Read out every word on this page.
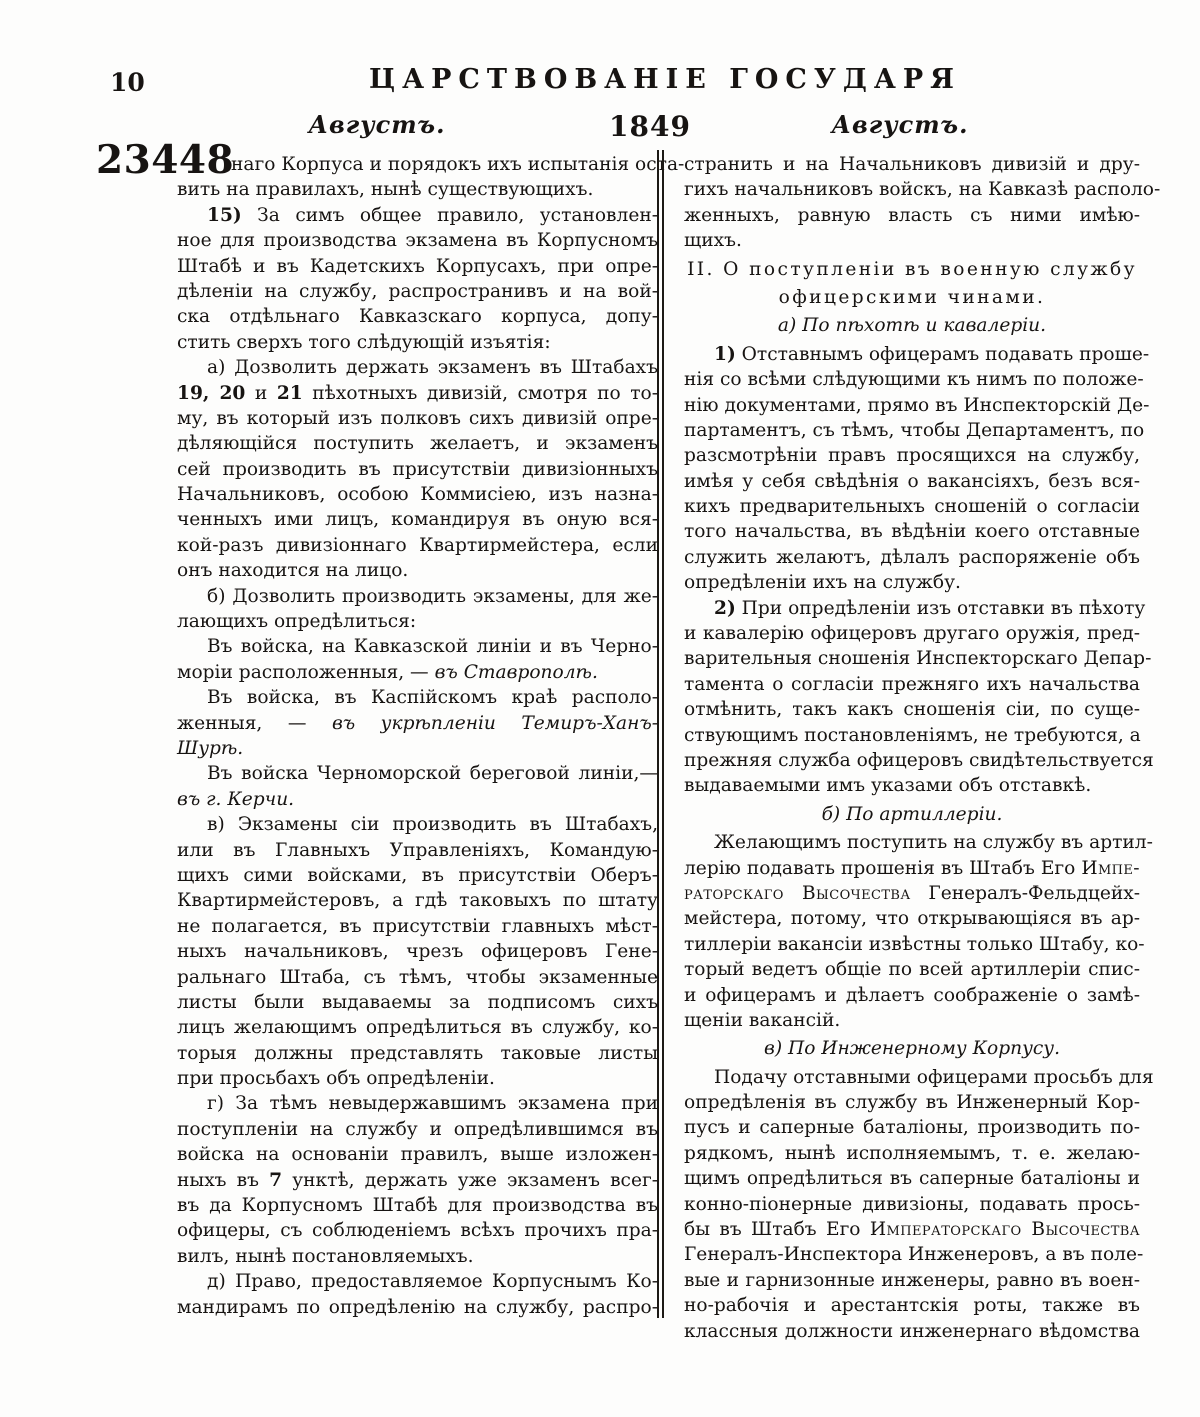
10	ЦАРСТВОВАНІЕ ГОСУДАРЯ
Августъ.	1849	Августъ.
23448
наго Корпуса и порядокъ ихъ испытанія оста-
вить на правилахъ, нынѣ существующихъ.
15) За симъ общее правило, установлен-
ное для производства экзамена въ Корпусномъ
Штабѣ и въ Кадетскихъ Корпусахъ, при опре-
дѣленіи на службу, распространивъ и на вой-
ска отдѣльнаго Кавказскаго корпуса, допу-
стить сверхъ того слѣдующій изъятія:
а) Дозволить держать экзаменъ въ Штабахъ
19, 20 и 21 пѣхотныхъ дивизій, смотря по то-
му, въ который изъ полковъ сихъ дивизій опре-
дѣляющійся поступить желаетъ, и экзаменъ
сей производить въ присутствіи дивизіонныхъ
Начальниковъ, особою Коммисіею, изъ назна-
ченныхъ ими лицъ, командируя въ оную вся-
кой-разъ дивизіоннаго Квартирмейстера, если
онъ находится на лицо.
б) Дозволить производить экзамены, для же-
лающихъ опредѣлиться:
Въ войска, на Кавказской линіи и въ Черно-
моріи расположенныя, — въ Ставрополѣ.
Въ войска, въ Каспійскомъ краѣ располо-
женныя, — въ укрѣпленіи Темиръ-Ханъ-
Шурѣ.
Въ войска Черноморской береговой линіи,—
въ г. Керчи.
в) Экзамены сіи производить въ Штабахъ,
или въ Главныхъ Управленіяхъ, Командую-
щихъ сими войсками, въ присутствіи Оберъ-
Квартирмейстеровъ, а гдѣ таковыхъ по штату
не полагается, въ присутствіи главныхъ мѣст-
ныхъ начальниковъ, чрезъ офицеровъ Гене-
ральнаго Штаба, съ тѣмъ, чтобы экзаменные
листы были выдаваемы за подписомъ сихъ
лицъ желающимъ опредѣлиться въ службу, ко-
торыя должны представлять таковые листы
при просьбахъ объ опредѣленіи.
г) За тѣмъ невыдержавшимъ экзамена при
поступленіи на службу и опредѣлившимся въ
войска на основаніи правилъ, выше изложен-
ныхъ въ 7 унктѣ, держать уже экзаменъ всег-
въ да Корпусномъ Штабѣ для производства въ
офицеры, съ соблюденіемъ всѣхъ прочихъ пра-
вилъ, нынѣ постановляемыхъ.
д) Право, предоставляемое Корпуснымъ Ко-
мандирамъ по опредѣленію на службу, распро-
странить и на Начальниковъ дивизій и дру-
гихъ начальниковъ войскъ, на Кавказѣ располо-
женныхъ, равную власть съ ними имѣю-
щихъ.
II. О поступленіи въ военную службу
офицерскими чинами.
а) По пѣхотѣ и кавалеріи.
1) Отставнымъ офицерамъ подавать проше-
нія со всѣми слѣдующими къ нимъ по положе-
нію документами, прямо въ Инспекторскій Де-
партаментъ, съ тѣмъ, чтобы Департаментъ, по
разсмотрѣніи правъ просящихся на службу,
имѣя у себя свѣдѣнія о вакансіяхъ, безъ вся-
кихъ предварительныхъ сношеній о согласіи
того начальства, въ вѣдѣніи коего отставные
служить желаютъ, дѣлалъ распоряженіе объ
опредѣленіи ихъ на службу.
2) При опредѣленіи изъ отставки въ пѣхоту
и кавалерію офицеровъ другаго оружія, пред-
варительныя сношенія Инспекторскаго Депар-
тамента о согласіи прежняго ихъ начальства
отмѣнить, такъ какъ сношенія сіи, по суще-
ствующимъ постановленіямъ, не требуются, а
прежняя служба офицеровъ свидѣтельствуется
выдаваемыми имъ указами объ отставкѣ.
б) По артиллеріи.
Желающимъ поступить на службу въ артил-
лерію подавать прошенія въ Штабъ Его Импе-
раторскаго Высочества Генералъ-Фельдцейх-
мейстера, потому, что открывающіяся въ ар-
тиллеріи вакансіи извѣстны только Штабу, ко-
торый ведетъ общіе по всей артиллеріи спис-
и офицерамъ и дѣлаетъ соображеніе о замѣ-
щеніи вакансій.
в) По Инженерному Корпусу.
Подачу отставными офицерами просьбъ для
опредѣленія въ службу въ Инженерный Кор-
пусъ и саперные баталіоны, производить по-
рядкомъ, нынѣ исполняемымъ, т. е. желаю-
щимъ опредѣлиться въ саперные баталіоны и
конно-піонерные дивизіоны, подавать прось-
бы въ Штабъ Его Императорскаго Высочества
Генералъ-Инспектора Инженеровъ, а въ поле-
вые и гарнизонные инженеры, равно въ воен-
но-рабочія и арестантскія роты, также въ
классныя должности инженернаго вѣдомства
